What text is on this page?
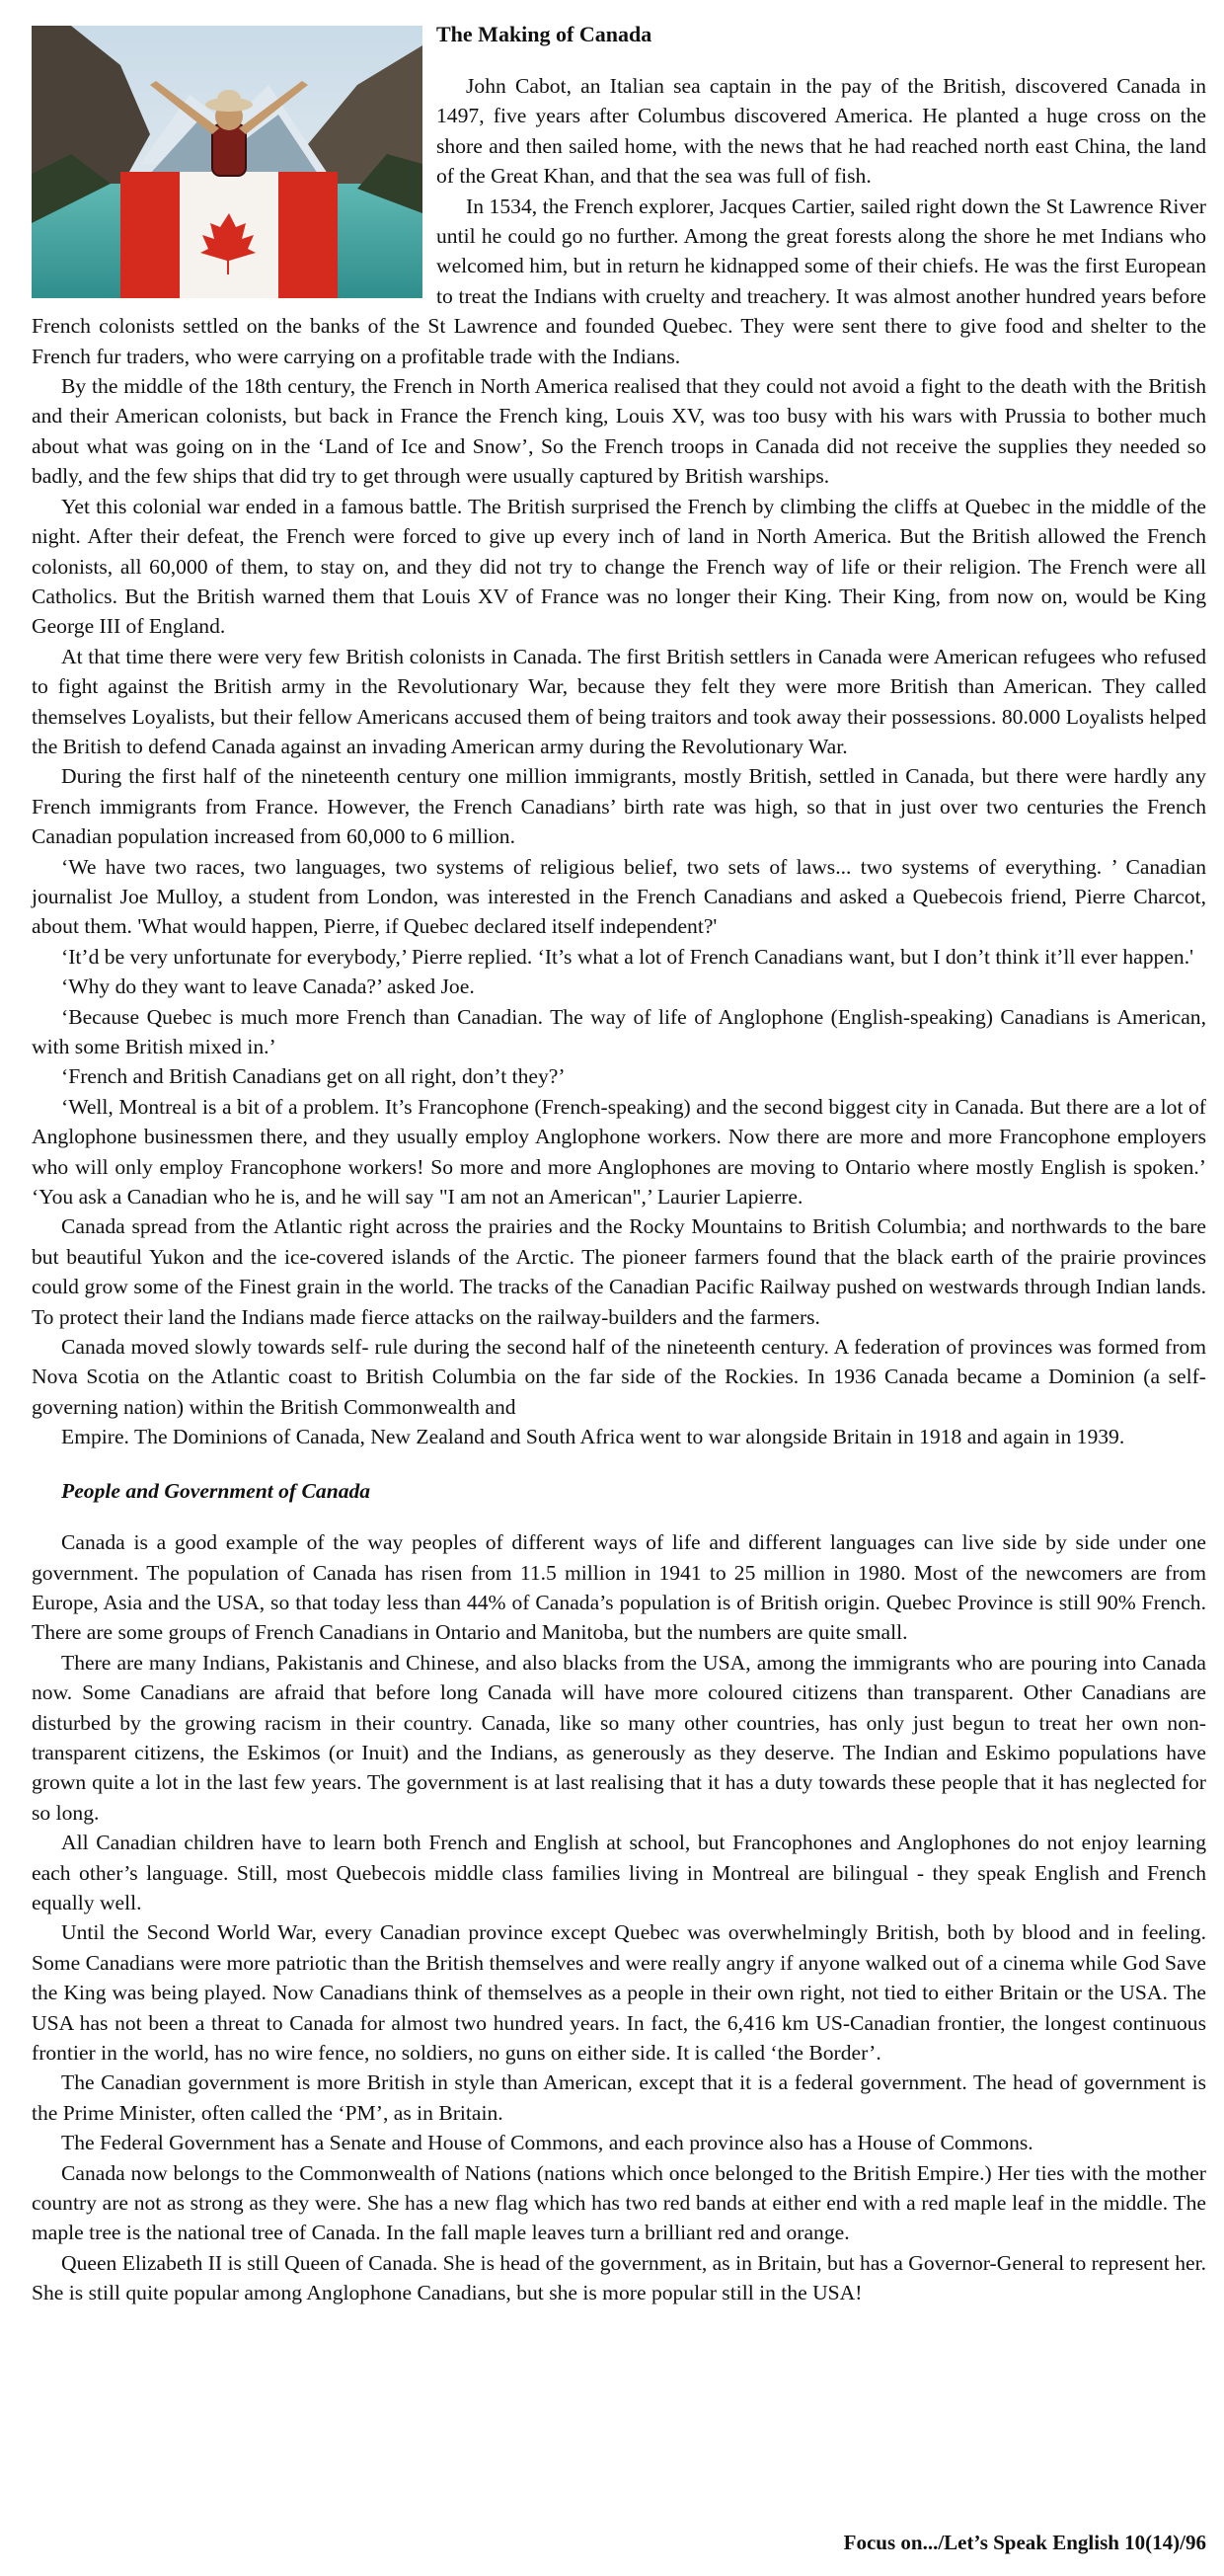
The Making of Canada

John Cabot, an Italian sea captain in the pay of the British, discovered Canada in 1497, five years after Columbus discovered America. He planted a huge cross on the shore and then sailed home, with the news that he had reached north east China, the land of the Great Khan, and that the sea was full of fish.

In 1534, the French explorer, Jacques Cartier, sailed right down the St Lawrence River until he could go no further. Among the great forests along the shore he met Indians who welcomed him, but in return he kidnapped some of their chiefs. He was the first European to treat the Indians with cruelty and treachery. It was almost another hundred years before French colonists settled on the banks of the St Lawrence and founded Quebec. They were sent there to give food and shelter to the French fur traders, who were carrying on a profitable trade with the Indians.

By the middle of the 18th century, the French in North America realised that they could not avoid a fight to the death with the British and their American colonists, but back in France the French king, Louis XV, was too busy with his wars with Prussia to bother much about what was going on in the ‘Land of Ice and Snow’, So the French troops in Canada did not receive the supplies they needed so badly, and the few ships that did try to get through were usually captured by British warships.

Yet this colonial war ended in a famous battle. The British surprised the French by climbing the cliffs at Quebec in the middle of the night. After their defeat, the French were forced to give up every inch of land in North America. But the British allowed the French colonists, all 60,000 of them, to stay on, and they did not try to change the French way of life or their religion. The French were all Catholics. But the British warned them that Louis XV of France was no longer their King. Their King, from now on, would be King George III of England.

At that time there were very few British colonists in Canada. The first British settlers in Canada were American refugees who refused to fight against the British army in the Revolutionary War, because they felt they were more British than American. They called themselves Loyalists, but their fellow Americans accused them of being traitors and took away their possessions. 80.000 Loyalists helped the British to defend Canada against an invading American army during the Revolutionary War.

During the first half of the nineteenth century one million immigrants, mostly British, settled in Canada, but there were hardly any French immigrants from France. However, the French Canadians’ birth rate was high, so that in just over two centuries the French Canadian population increased from 60,000 to 6 million.

‘We have two races, two languages, two systems of religious belief, two sets of laws... two systems of everything. ’ Canadian journalist Joe Mulloy, a student from London, was interested in the French Canadians and asked a Quebecois friend, Pierre Charcot, about them. 'What would happen, Pierre, if Quebec declared itself independent?'

‘It’d be very unfortunate for everybody,’ Pierre replied. ‘It’s what a lot of French Canadians want, but I don’t think it’ll ever happen.'

‘Why do they want to leave Canada?’ asked Joe.

‘Because Quebec is much more French than Canadian. The way of life of Anglophone (English-speaking) Canadians is American, with some British mixed in.’

‘French and British Canadians get on all right, don’t they?’

‘Well, Montreal is a bit of a problem. It’s Francophone (French-speaking) and the second biggest city in Canada. But there are a lot of Anglophone businessmen there, and they usually employ Anglophone workers. Now there are more and more Francophone employers who will only employ Francophone workers! So more and more Anglophones are moving to Ontario where mostly English is spoken.’ ‘You ask a Canadian who he is, and he will say "I am not an American",’ Laurier Lapierre.

Canada spread from the Atlantic right across the prairies and the Rocky Mountains to British Columbia; and northwards to the bare but beautiful Yukon and the ice-covered islands of the Arctic. The pioneer farmers found that the black earth of the prairie provinces could grow some of the Finest grain in the world. The tracks of the Canadian Pacific Railway pushed on westwards through Indian lands. To protect their land the Indians made fierce attacks on the railway-builders and the farmers.

Canada moved slowly towards self- rule during the second half of the nineteenth century. A federation of provinces was formed from Nova Scotia on the Atlantic coast to British Columbia on the far side of the Rockies. In 1936 Canada became a Dominion (a self-governing nation) within the British Commonwealth and

Empire. The Dominions of Canada, New Zealand and South Africa went to war alongside Britain in 1918 and again in 1939.

People and Government of Canada

Canada is a good example of the way peoples of different ways of life and different languages can live side by side under one government. The population of Canada has risen from 11.5 million in 1941 to 25 million in 1980. Most of the newcomers are from Europe, Asia and the USA, so that today less than 44% of Canada’s population is of British origin. Quebec Province is still 90% French. There are some groups of French Canadians in Ontario and Manitoba, but the numbers are quite small.

There are many Indians, Pakistanis and Chinese, and also blacks from the USA, among the immigrants who are pouring into Canada now. Some Canadians are afraid that before long Canada will have more coloured citizens than transparent. Other Canadians are disturbed by the growing racism in their country. Canada, like so many other countries, has only just begun to treat her own non-transparent citizens, the Eskimos (or Inuit) and the Indians, as generously as they deserve. The Indian and Eskimo populations have grown quite a lot in the last few years. The government is at last realising that it has a duty towards these people that it has neglected for so long.

All Canadian children have to learn both French and English at school, but Francophones and Anglophones do not enjoy learning each other’s language. Still, most Quebecois middle class families living in Montreal are bilingual - they speak English and French equally well.

Until the Second World War, every Canadian province except Quebec was overwhelmingly British, both by blood and in feeling. Some Canadians were more patriotic than the British themselves and were really angry if anyone walked out of a cinema while God Save the King was being played. Now Canadians think of themselves as a people in their own right, not tied to either Britain or the USA. The USA has not been a threat to Canada for almost two hundred years. In fact, the 6,416 km US-Canadian frontier, the longest continuous frontier in the world, has no wire fence, no soldiers, no guns on either side. It is called ‘the Border’.

The Canadian government is more British in style than American, except that it is a federal government. The head of government is the Prime Minister, often called the ‘PM’, as in Britain.

The Federal Government has a Senate and House of Commons, and each province also has a House of Commons.

Canada now belongs to the Commonwealth of Nations (nations which once belonged to the British Empire.) Her ties with the mother country are not as strong as they were. She has a new flag which has two red bands at either end with a red maple leaf in the middle. The maple tree is the national tree of Canada. In the fall maple leaves turn a brilliant red and orange.

Queen Elizabeth II is still Queen of Canada. She is head of the government, as in Britain, but has a Governor-General to represent her. She is still quite popular among Anglophone Canadians, but she is more popular still in the USA!

Focus on.../Let’s Speak English 10(14)/96
